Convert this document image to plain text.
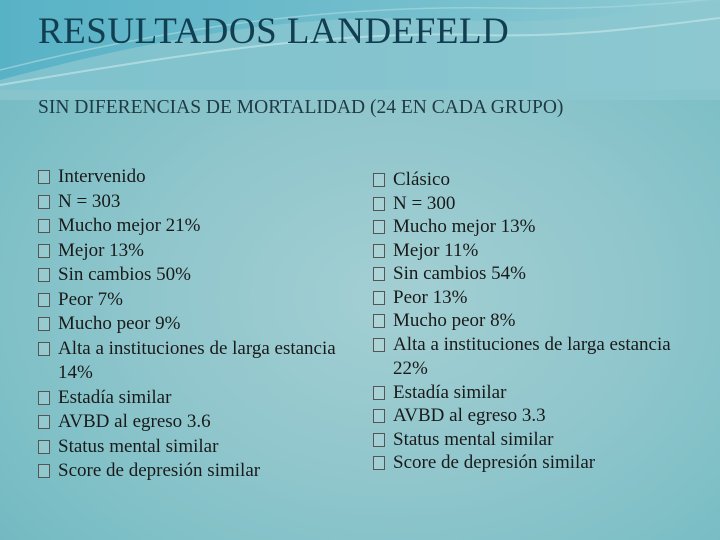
RESULTADOS LANDEFELD
SIN DIFERENCIAS DE MORTALIDAD (24 EN CADA GRUPO)
Intervenido
N = 303
Mucho mejor 21%
Mejor 13%
Sin cambios 50%
Peor 7%
Mucho peor 9%
Alta a instituciones de larga estancia 14%
Estadía similar
AVBD al egreso 3.6
Status mental similar
Score de depresión similar
Clásico
N = 300
Mucho mejor 13%
Mejor 11%
Sin cambios 54%
Peor 13%
Mucho peor 8%
Alta a instituciones de larga estancia 22%
Estadía similar
AVBD al egreso 3.3
Status mental similar
Score de depresión similar
